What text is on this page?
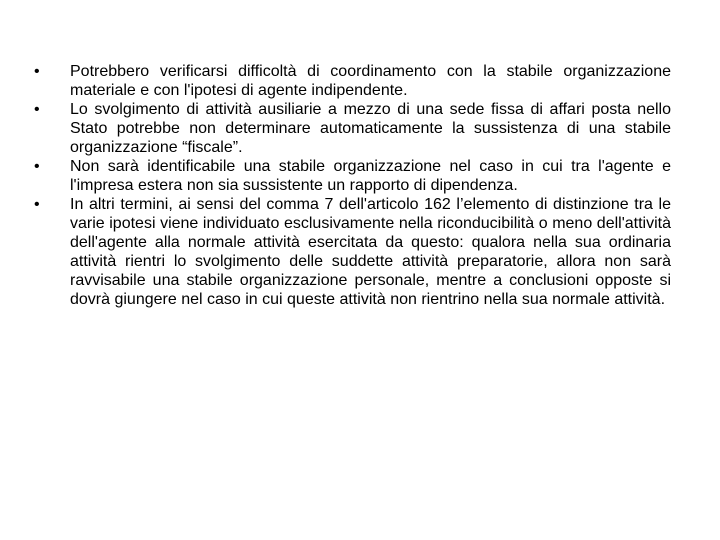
•	Potrebbero verificarsi difficoltà di coordinamento con la stabile organizzazione materiale e con l'ipotesi di agente indipendente.
•	Lo svolgimento di attività ausiliarie a mezzo di una sede fissa di affari posta nello Stato potrebbe non determinare automaticamente la sussistenza di una stabile organizzazione “fiscale”.
•	Non sarà identificabile una stabile organizzazione nel caso in cui tra l'agente e l'impresa estera non sia sussistente un rapporto di dipendenza.
•	In altri termini, ai sensi del comma 7 dell'articolo 162 l’elemento di distinzione tra le varie ipotesi viene individuato esclusivamente nella riconducibilità o meno dell'attività dell'agente alla normale attività esercitata da questo: qualora nella sua ordinaria attività rientri lo svolgimento delle suddette attività preparatorie, allora non sarà ravvisabile una stabile organizzazione personale, mentre a conclusioni opposte si dovrà giungere nel caso in cui queste attività non rientrino nella sua normale attività.
